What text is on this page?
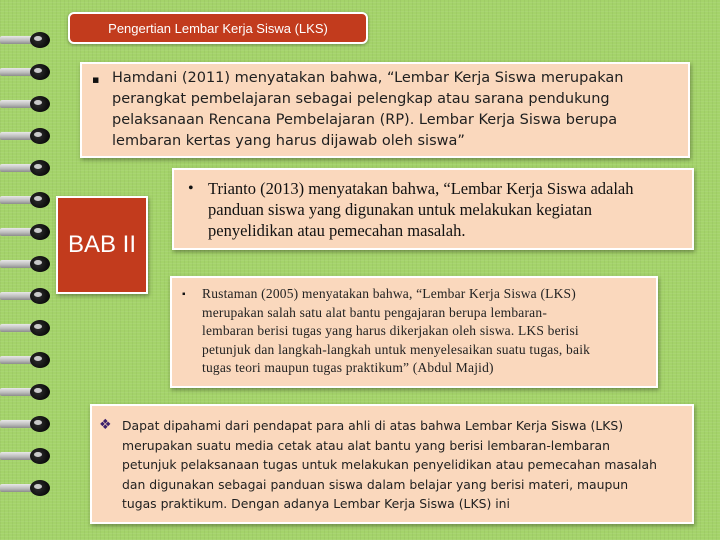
Pengertian Lembar Kerja Siswa (LKS)
▪ Hamdani (2011) menyatakan bahwa, “Lembar Kerja Siswa merupakan
perangkat pembelajaran sebagai pelengkap atau sarana pendukung
pelaksanaan Rencana Pembelajaran (RP). Lembar Kerja Siswa berupa
lembaran kertas yang harus dijawab oleh siswa”
BAB II
• Trianto (2013) menyatakan bahwa, “Lembar Kerja Siswa adalah
panduan siswa yang digunakan untuk melakukan kegiatan
penyelidikan atau pemecahan masalah.
▪ Rustaman (2005) menyatakan bahwa, “Lembar Kerja Siswa (LKS)
merupakan salah satu alat bantu pengajaran berupa lembaran-
lembaran berisi tugas yang harus dikerjakan oleh siswa. LKS berisi
petunjuk dan langkah-langkah untuk menyelesaikan suatu tugas, baik
tugas teori maupun tugas praktikum” (Abdul Majid)
❖ Dapat dipahami dari pendapat para ahli di atas bahwa Lembar Kerja Siswa (LKS)
merupakan suatu media cetak atau alat bantu yang berisi lembaran-lembaran
petunjuk pelaksanaan tugas untuk melakukan penyelidikan atau pemecahan masalah
dan digunakan sebagai panduan siswa dalam belajar yang berisi materi, maupun
tugas praktikum. Dengan adanya Lembar Kerja Siswa (LKS) ini
